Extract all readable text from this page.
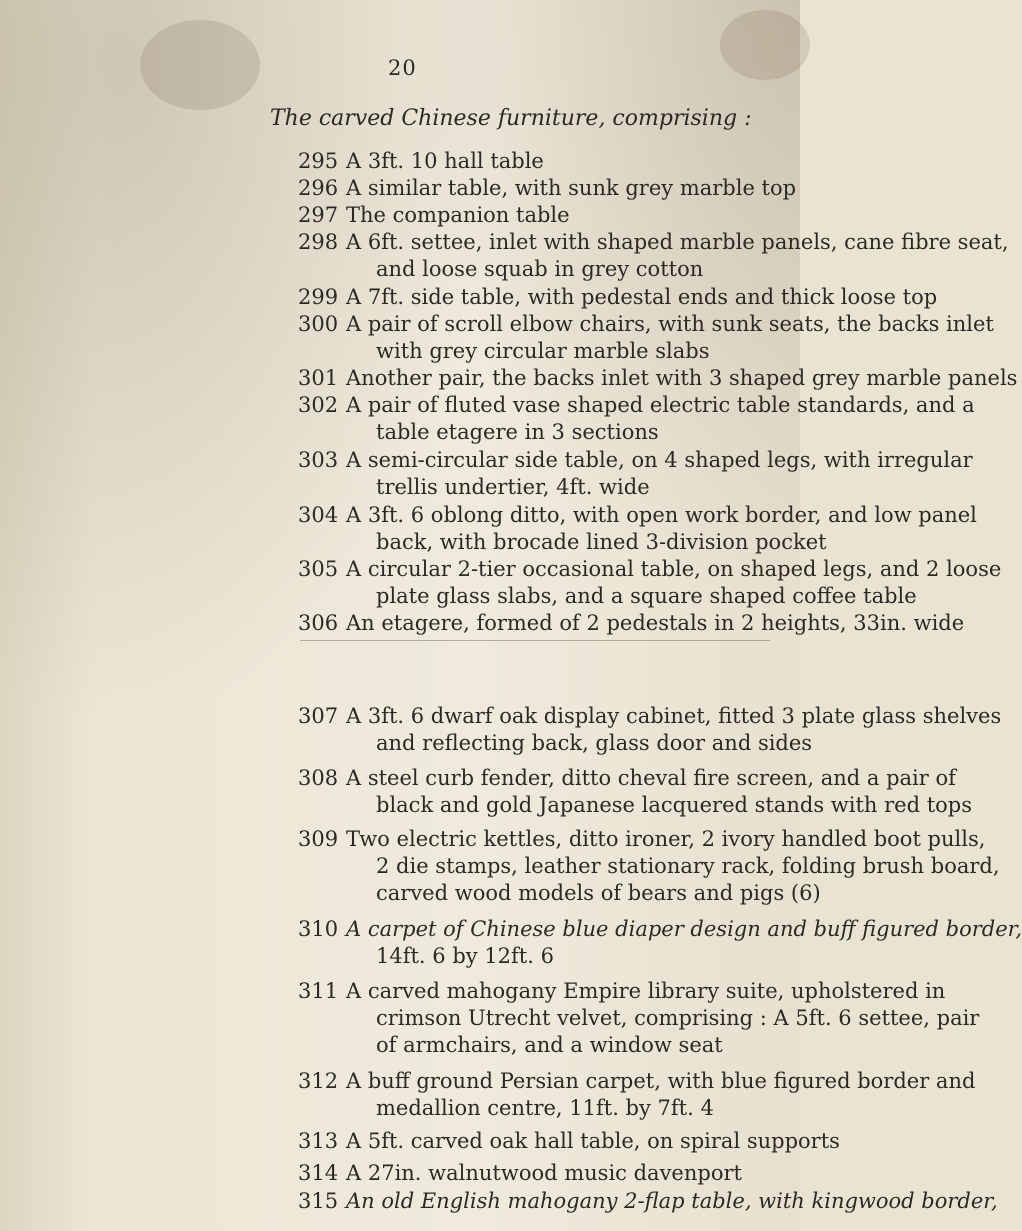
20
The carved Chinese furniture, comprising :
295 A 3ft. 10 hall table
296 A similar table, with sunk grey marble top
297 The companion table
298 A 6ft. settee, inlet with shaped marble panels, cane fibre seat,
and loose squab in grey cotton
299 A 7ft. side table, with pedestal ends and thick loose top
300 A pair of scroll elbow chairs, with sunk seats, the backs inlet
with grey circular marble slabs
301 Another pair, the backs inlet with 3 shaped grey marble panels
302 A pair of fluted vase shaped electric table standards, and a
table etagere in 3 sections
303 A semi-circular side table, on 4 shaped legs, with irregular
trellis undertier, 4ft. wide
304 A 3ft. 6 oblong ditto, with open work border, and low panel
back, with brocade lined 3-division pocket
305 A circular 2-tier occasional table, on shaped legs, and 2 loose
plate glass slabs, and a square shaped coffee table
306 An etagere, formed of 2 pedestals in 2 heights, 33in. wide
307 A 3ft. 6 dwarf oak display cabinet, fitted 3 plate glass shelves
and reflecting back, glass door and sides
308 A steel curb fender, ditto cheval fire screen, and a pair of
black and gold Japanese lacquered stands with red tops
309 Two electric kettles, ditto ironer, 2 ivory handled boot pulls,
2 die stamps, leather stationary rack, folding brush board,
carved wood models of bears and pigs (6)
310 A carpet of Chinese blue diaper design and buff figured border,
14ft. 6 by 12ft. 6
311 A carved mahogany Empire library suite, upholstered in
crimson Utrecht velvet, comprising : A 5ft. 6 settee, pair
of armchairs, and a window seat
312 A buff ground Persian carpet, with blue figured border and
medallion centre, 11ft. by 7ft. 4
313 A 5ft. carved oak hall table, on spiral supports
314 A 27in. walnutwood music davenport
315 An old English mahogany 2-flap table, with kingwood border,
